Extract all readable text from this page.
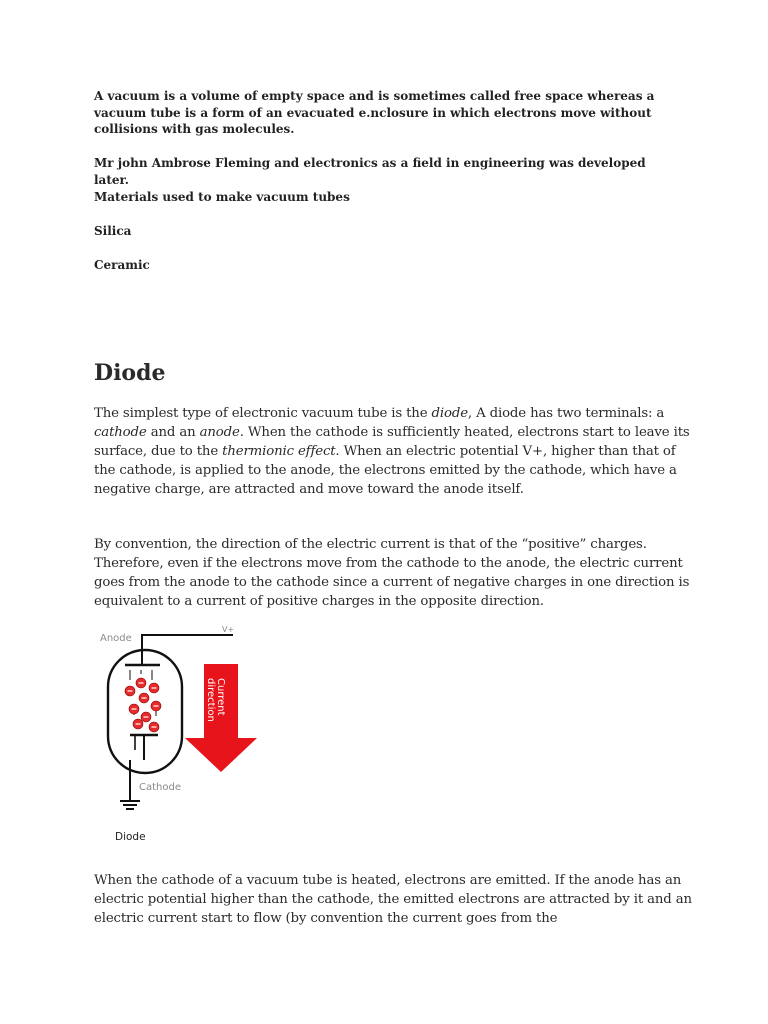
A vacuum is a volume of empty space and is sometimes called free space whereas a vacuum tube is a form of an evacuated e.nclosure in which electrons move without collisions with gas molecules.

Mr john Ambrose Fleming and electronics as a field in engineering was developed later.

Materials used to make vacuum tubes

Silica

Ceramic

Diode

The simplest type of electronic vacuum tube is the diode, A diode has two terminals: a cathode and an anode. When the cathode is sufficiently heated, electrons start to leave its surface, due to the thermionic effect. When an electric potential V+, higher than that of the cathode, is applied to the anode, the electrons emitted by the cathode, which have a negative charge, are attracted and move toward the anode itself.

By convention, the direction of the electric current is that of the “positive” charges. Therefore, even if the electrons move from the cathode to the anode, the electric current goes from the anode to the cathode since a current of negative charges in one direction is equivalent to a current of positive charges in the opposite direction.

Anode
V+
Current
direction
Cathode
Diode

When the cathode of a vacuum tube is heated, electrons are emitted. If the anode has an electric potential higher than the cathode, the emitted electrons are attracted by it and an electric current start to flow (by convention the current goes from the
